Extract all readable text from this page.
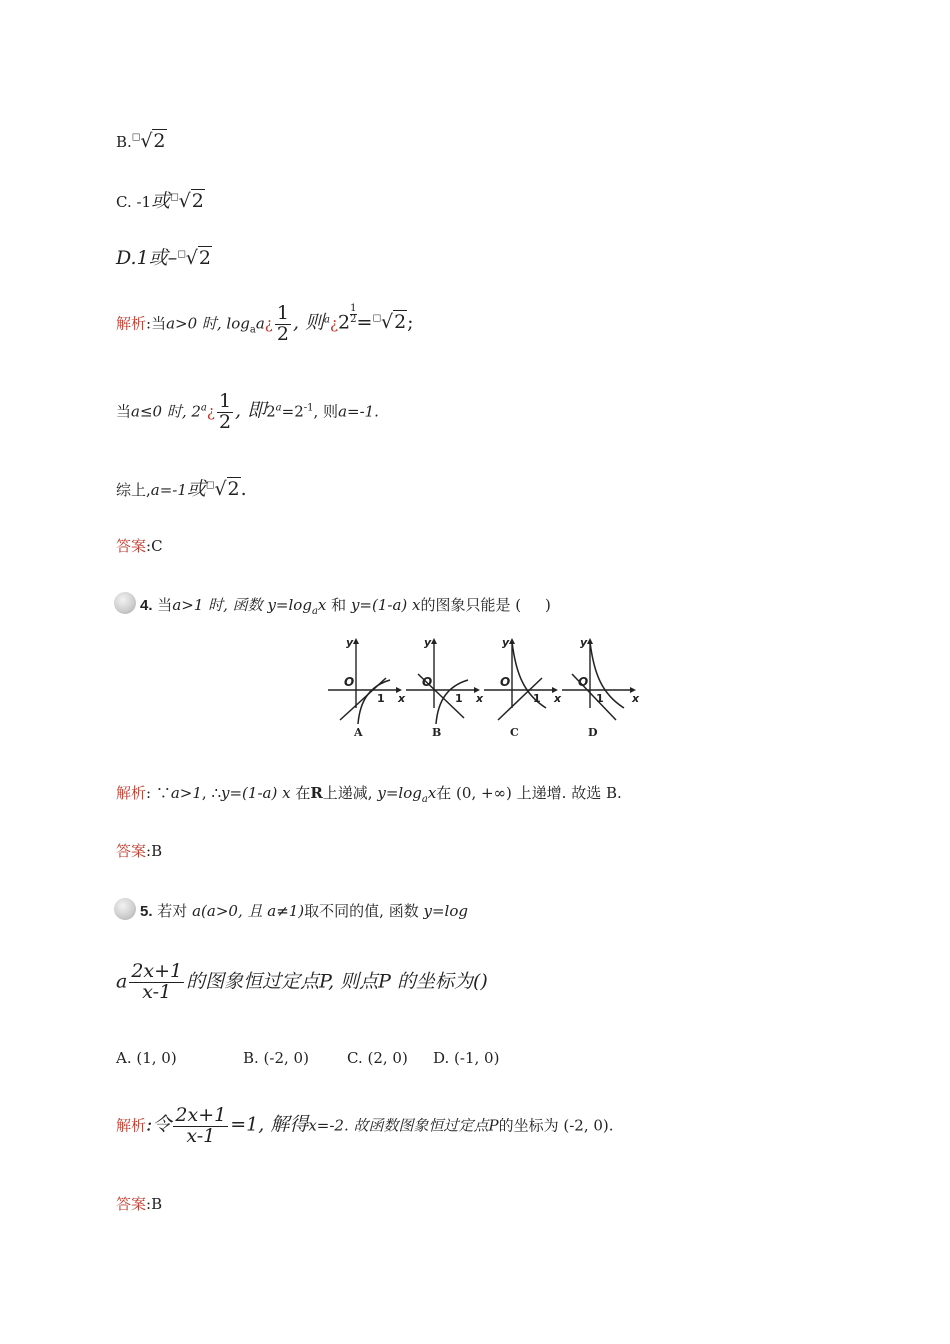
B.□√2
C. -1或□√2
D.1或–□√2
解析:当a>0 时, $\log_aa¿ \frac{1}{2}$ , 则$^a$¿2 $\frac{1}{2} =^□√2$;
当a≤0 时, 2$^a$¿ $\frac{1}{2}$ , 即$2^a=2^{-1}$, 则a=-1.
综上,a=-1或□√2.
答案:C
4. 当a>1 时, 函数 $y=\log_ax$ 和 y=(1-a) x的图象只能是 ( )
y
x
O
1
A
y
x
O
1
B
y
x
O
1
C
y
x
O
1
D
解析: ∵a>1, ∴y=(1-a) x 在R上递减, $y=\log_ax$在 (0, +∞) 上递增. 故选 B.
答案:B
5. 若对 a(a>0, 且 a≠1)取不同的值, 函数 y=log
a $\frac{2x+1}{x-1}$ 的图象恒过定点P, 则点P 的坐标为()
A. (1, 0)	B. (-2, 0)	C. (2, 0) D. (-1, 0)
解析:令 $\frac{2x+1}{x-1} =1$, 解得x=-2. 故函数图象恒过定点P的坐标为 (-2, 0).
答案:B
